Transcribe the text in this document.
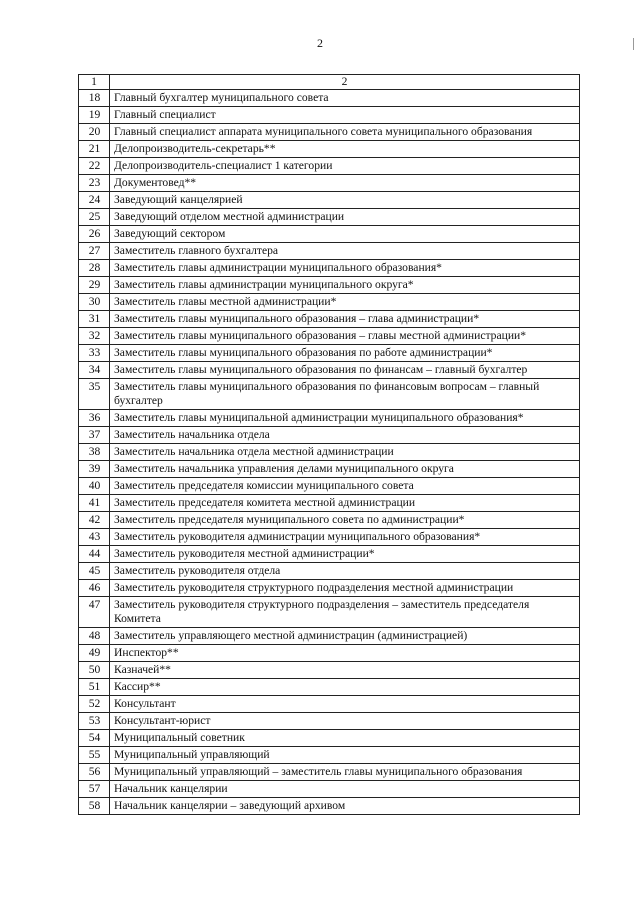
2
1	2
18	Главный бухгалтер муниципального совета
19	Главный специалист
20	Главный специалист аппарата муниципального совета муниципального образования
21	Делопроизводитель-секретарь**
22	Делопроизводитель-специалист 1 категории
23	Документовед**
24	Заведующий канцелярией
25	Заведующий отделом местной администрации
26	Заведующий сектором
27	Заместитель главного бухгалтера
28	Заместитель главы администрации муниципального образования*
29	Заместитель главы администрации муниципального округа*
30	Заместитель главы местной администрации*
31	Заместитель главы муниципального образования – глава администрации*
32	Заместитель главы муниципального образования – главы местной администрации*
33	Заместитель главы муниципального образования по работе администрации*
34	Заместитель главы муниципального образования по финансам – главный бухгалтер
35	Заместитель главы муниципального образования по финансовым вопросам – главный бухгалтер
36	Заместитель главы муниципальной администрации муниципального образования*
37	Заместитель начальника отдела
38	Заместитель начальника отдела местной администрации
39	Заместитель начальника управления делами муниципального округа
40	Заместитель председателя комиссии муниципального совета
41	Заместитель председателя комитета местной администрации
42	Заместитель председателя муниципального совета по администрации*
43	Заместитель руководителя администрации муниципального образования*
44	Заместитель руководителя местной администрации*
45	Заместитель руководителя отдела
46	Заместитель руководителя структурного подразделения местной администрации
47	Заместитель руководителя структурного подразделения – заместитель председателя Комитета
48	Заместитель управляющего местной администрацин (администрацией)
49	Инспектор**
50	Казначей**
51	Кассир**
52	Консультант
53	Консультант-юрист
54	Муниципальный советник
55	Муниципальный управляющий
56	Муниципальный управляющий – заместитель главы муниципального образования
57	Начальник канцелярии
58	Начальник канцелярии – заведующий архивом
